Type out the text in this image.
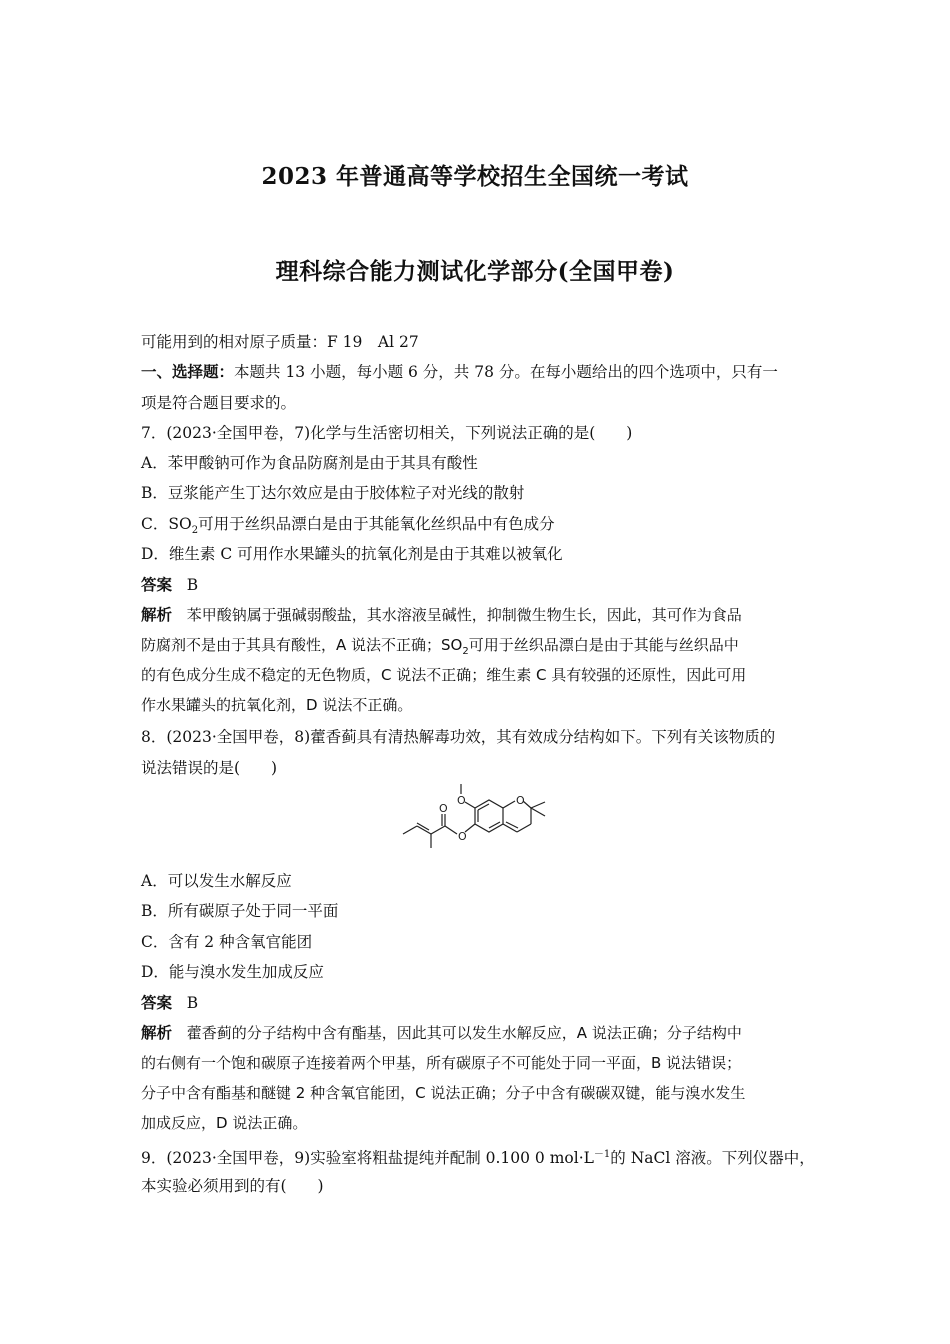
2023 年普通高等学校招生全国统一考试
理科综合能力测试化学部分(全国甲卷)
可能用到的相对原子质量：F 19　Al 27
一、选择题：本题共 13 小题，每小题 6 分，共 78 分。在每小题给出的四个选项中，只有一
项是符合题目要求的。
7．(2023·全国甲卷，7)化学与生活密切相关，下列说法正确的是(　　)
A．苯甲酸钠可作为食品防腐剂是由于其具有酸性
B．豆浆能产生丁达尔效应是由于胶体粒子对光线的散射
C．$SO_2$可用于丝织品漂白是由于其能氧化丝织品中有色成分
D．维生素 C 可用作水果罐头的抗氧化剂是由于其难以被氧化
答案 B
解析 苯甲酸钠属于强碱弱酸盐，其水溶液呈碱性，抑制微生物生长，因此，其可作为食品
防腐剂不是由于其具有酸性，A 说法不正确；$SO_2$可用于丝织品漂白是由于其能与丝织品中
的有色成分生成不稳定的无色物质，C 说法不正确；维生素 C 具有较强的还原性，因此可用
作水果罐头的抗氧化剂，D 说法不正确。
8．(2023·全国甲卷，8)藿香蓟具有清热解毒功效，其有效成分结构如下。下列有关该物质的
说法错误的是(　　)
O	O
O
O
A．可以发生水解反应
B．所有碳原子处于同一平面
C．含有 2 种含氧官能团
D．能与溴水发生加成反应
答案 B
解析 藿香蓟的分子结构中含有酯基，因此其可以发生水解反应，A 说法正确；分子结构中
的右侧有一个饱和碳原子连接着两个甲基，所有碳原子不可能处于同一平面，B 说法错误；
分子中含有酯基和醚键 2 种含氧官能团，C 说法正确；分子中含有碳碳双键，能与溴水发生
加成反应，D 说法正确。
9．(2023·全国甲卷，9)实验室将粗盐提纯并配制 0.100 0 $mol\cdot L^{-1}$的 NaCl 溶液。下列仪器中，
本实验必须用到的有(　　)
